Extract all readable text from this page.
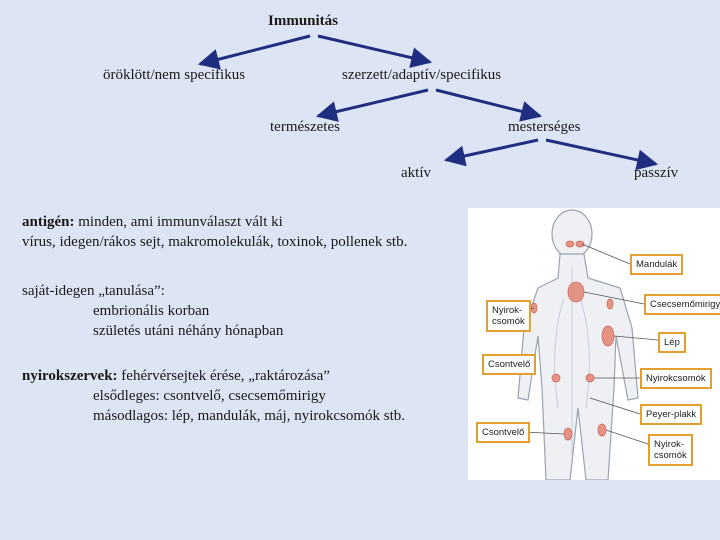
Immunitás
öröklött/nem specifikus	szerzett/adaptív/specifikus
természetes	mesterséges
aktív	passzív
antigén: minden, ami immunválaszt vált ki
vírus, idegen/rákos sejt, makromolekulák, toxinok, pollenek stb.
saját-idegen „tanulása”:
embrionális korban
születés utáni néhány hónapban
nyirokszervek: fehérvérsejtek érése, „raktározása”
elsődleges: csontvelő, csecsemőmirigy
másodlagos: lép, mandulák, máj, nyirokcsomók stb.
Mandulák
Nyirok-
csomók
Csecsemőmirigy
Lép
Csontvelő
Nyirokcsomók
Peyer-plakk
Csontvelő
Nyirok-
csomók
